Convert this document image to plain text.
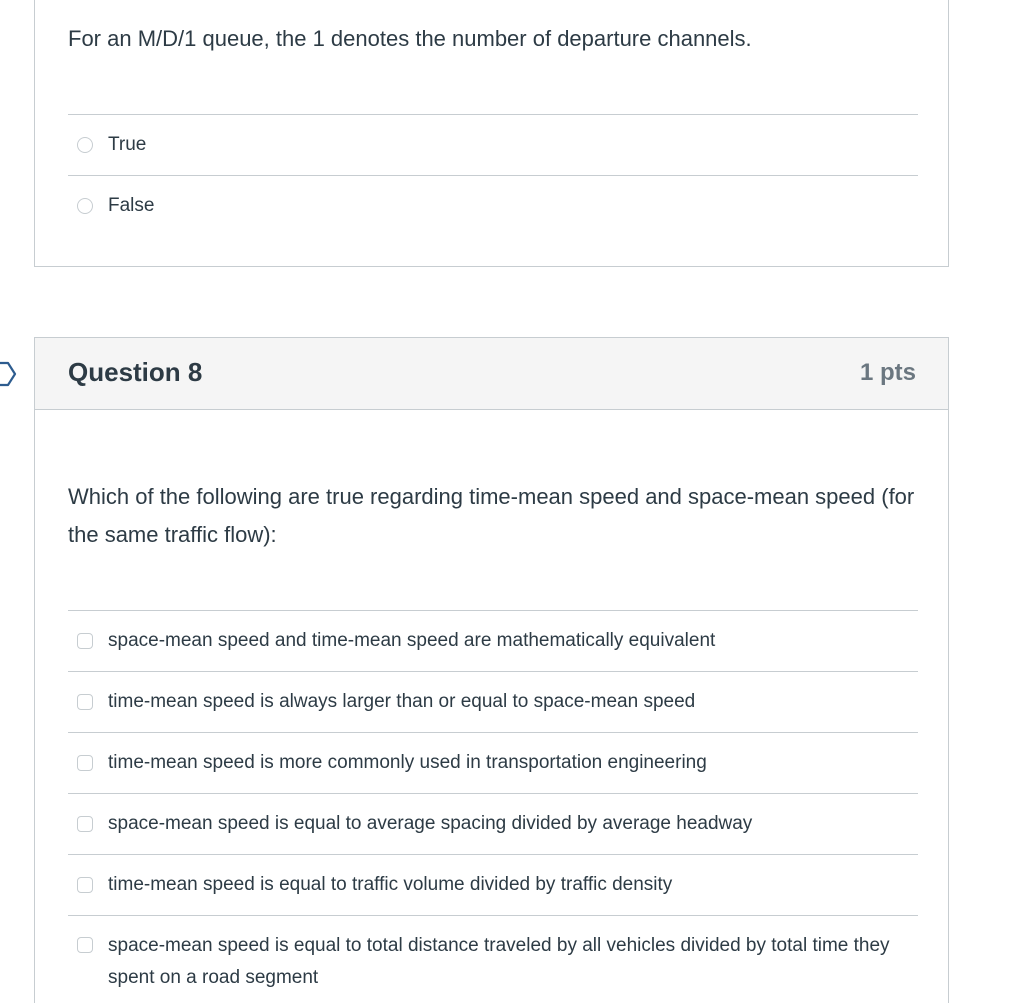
For an M/D/1 queue, the 1 denotes the number of departure channels.
True
False
Question 8	1 pts
Which of the following are true regarding time-mean speed and space-mean speed (for the same traffic flow):
space-mean speed and time-mean speed are mathematically equivalent
time-mean speed is always larger than or equal to space-mean speed
time-mean speed is more commonly used in transportation engineering
space-mean speed is equal to average spacing divided by average headway
time-mean speed is equal to traffic volume divided by traffic density
space-mean speed is equal to total distance traveled by all vehicles divided by total time they spent on a road segment
